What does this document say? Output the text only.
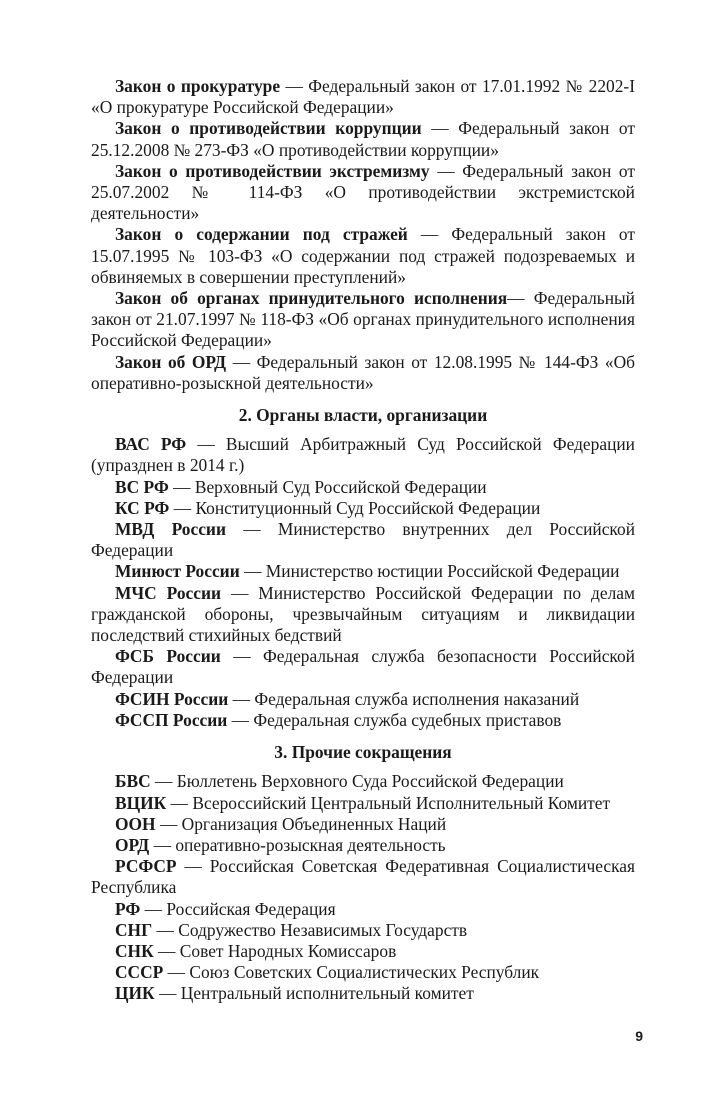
Закон о прокуратуре — Федеральный закон от 17.01.1992 № 2202-I «О прокуратуре Российской Федерации»

Закон о противодействии коррупции — Федеральный закон от 25.12.2008 № 273-ФЗ «О противодействии коррупции»

Закон о противодействии экстремизму — Федеральный закон от 25.07.2002 № 114-ФЗ «О противодействии экстремистской деятельности»

Закон о содержании под стражей — Федеральный закон от 15.07.1995 № 103-ФЗ «О содержании под стражей подозреваемых и обвиняемых в совершении преступлений»

Закон об органах принудительного исполнения— Федеральный закон от 21.07.1997 № 118-ФЗ «Об органах принудительного исполнения Российской Федерации»

Закон об ОРД — Федеральный закон от 12.08.1995 № 144-ФЗ «Об оперативно-розыскной деятельности»

2. Органы власти, организации

ВАС РФ — Высший Арбитражный Суд Российской Федерации (упразднен в 2014 г.)

ВС РФ — Верховный Суд Российской Федерации

КС РФ — Конституционный Суд Российской Федерации

МВД России — Министерство внутренних дел Российской Федерации

Минюст России — Министерство юстиции Российской Федерации

МЧС России — Министерство Российской Федерации по делам гражданской обороны, чрезвычайным ситуациям и ликвидации последствий стихийных бедствий

ФСБ России — Федеральная служба безопасности Российской Федерации

ФСИН России — Федеральная служба исполнения наказаний

ФССП России — Федеральная служба судебных приставов

3. Прочие сокращения

БВС — Бюллетень Верховного Суда Российской Федерации

ВЦИК — Всероссийский Центральный Исполнительный Комитет

ООН — Организация Объединенных Наций

ОРД — оперативно-розыскная деятельность

РСФСР — Российская Советская Федеративная Социалистическая Республика

РФ — Российская Федерация

СНГ — Содружество Независимых Государств

СНК — Совет Народных Комиссаров

СССР — Союз Советских Социалистических Республик

ЦИК — Центральный исполнительный комитет

9
